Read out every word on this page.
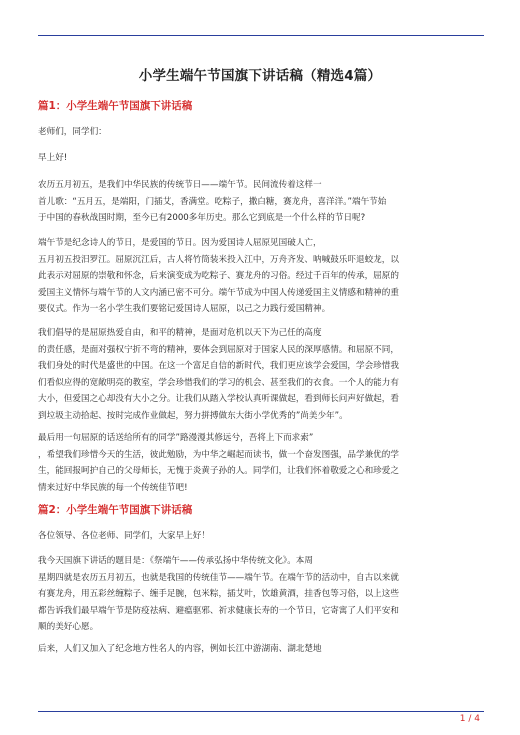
小学生端午节国旗下讲话稿（精选4篇）
篇1：小学生端午节国旗下讲话稿

老师们，同学们：

早上好!

农历五月初五，是我们中华民族的传统节日——端午节。民间流传着这样一
首儿歌：“五月五，是端阳，门插艾，香满堂。吃粽子，撒白糖，赛龙舟，喜洋洋。”端午节始
于中国的春秋战国时期，至今已有2000多年历史。那么它到底是一个什么样的节日呢?

端午节是纪念诗人的节日，是爱国的节日。因为爱国诗人屈原见国破人亡，
五月初五投汨罗江。屈原沉江后，古人将竹筒装米投入江中，万舟齐发、呐喊鼓乐吓退蛟龙，以
此表示对屈原的崇敬和怀念，后来演变成为吃粽子、赛龙舟的习俗。经过千百年的传承，屈原的
爱国主义情怀与端午节的人文内涵已密不可分。端午节成为中国人传递爱国主义情感和精神的重
要仪式。作为一名小学生我们要铭记爱国诗人屈原，以己之力践行爱国精神。

我们倡导的是屈原热爱自由，和平的精神，是面对危机以天下为己任的高度
的责任感，是面对强权宁折不弯的精神，要体会到屈原对于国家人民的深厚感情。和屈原不同，
我们身处的时代是盛世的中国。在这一个富足自信的新时代，我们更应该学会爱国，学会珍惜我
们看似应得的宽敞明亮的教室，学会珍惜我们的学习的机会、甚至我们的衣食。一个人的能力有
大小，但爱国之心却没有大小之分。让我们从踏入学校认真听课做起，看到师长问声好做起，看
到垃圾主动拾起、按时完成作业做起，努力拼搏做东大街小学优秀的”尚美少年”。

最后用一句屈原的话送给所有的同学”路漫漫其修远兮，吾将上下而求索”
，希望我们珍惜今天的生活，彼此勉励，为中华之崛起而读书，做一个奋发图强，品学兼优的学
生，能回报呵护自己的父母师长，无愧于炎黄子孙的人。同学们，让我们怀着敬爱之心和珍爱之
情来过好中华民族的每一个传统佳节吧!

篇2：小学生端午节国旗下讲话稿

各位领导、各位老师、同学们，大家早上好！

我今天国旗下讲话的题目是：《祭端午——传承弘扬中华传统文化》。本周
星期四就是农历五月初五，也就是我国的传统佳节——端午节。在端午节的活动中，自古以来就
有赛龙舟，用五彩丝缠粽子、缠手足腕，包米粽，插艾叶，饮雄黄酒，挂香包等习俗，以上这些
都告诉我们最早端午节是防疫祛病、避瘟驱邪、祈求健康长寿的一个节日，它寄寓了人们平安和
顺的美好心愿。

后来，人们又加入了纪念地方性名人的内容，例如长江中游湖南、湖北楚地

1 / 4
